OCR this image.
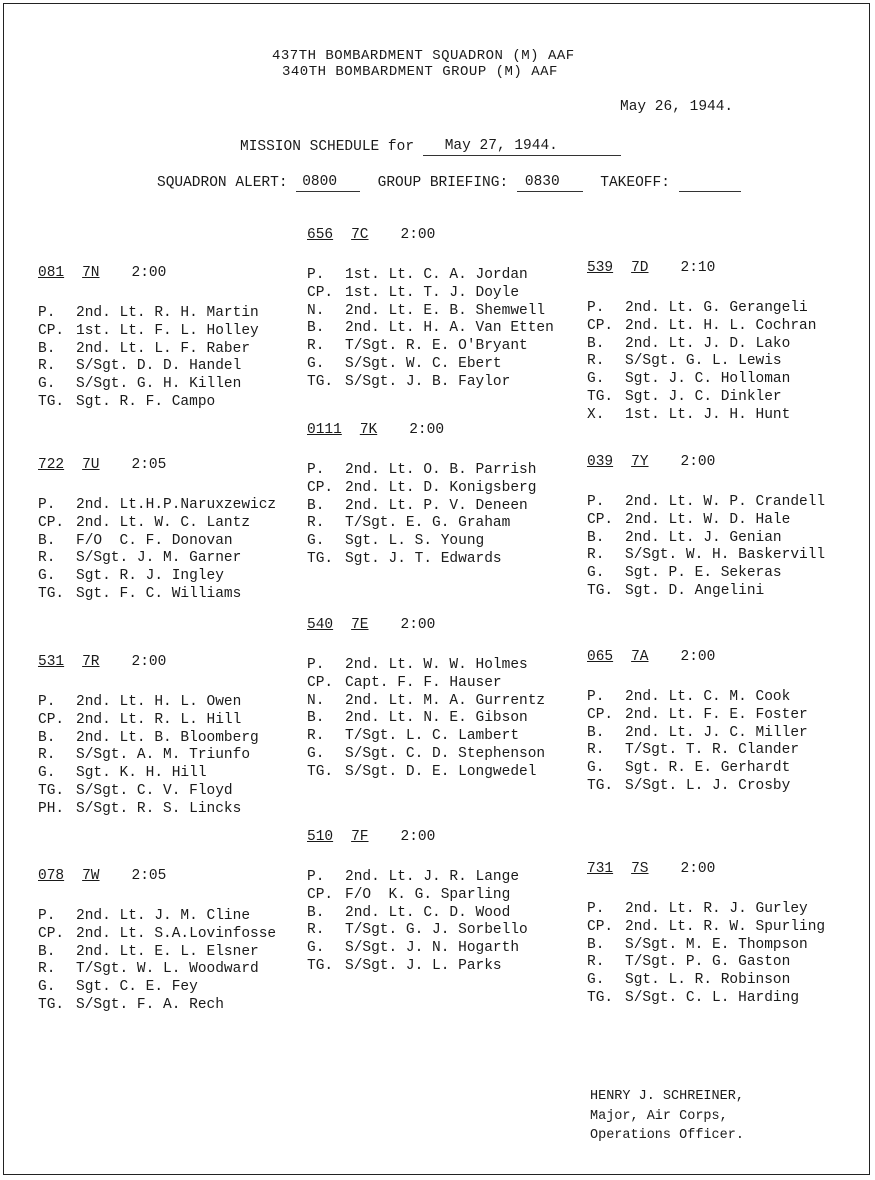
437TH BOMBARDMENT SQUADRON (M) AAF
340TH BOMBARDMENT GROUP (M) AAF
May 26, 1944.
MISSION SCHEDULE for May 27, 1944.
SQUADRON ALERT: 0800	GROUP BRIEFING: 0830	TAKEOFF:
081 7N 2:00
P. 2nd. Lt. R. H. Martin
CP. 1st. Lt. F. L. Holley
B. 2nd. Lt. L. F. Raber
R. S/Sgt. D. D. Handel
G. S/Sgt. G. H. Killen
TG. Sgt. R. F. Campo
656 7C 2:00
P. 1st. Lt. C. A. Jordan
CP. 1st. Lt. T. J. Doyle
N. 2nd. Lt. E. B. Shemwell
B. 2nd. Lt. H. A. Van Etten
R. T/Sgt. R. E. O'Bryant
G. S/Sgt. W. C. Ebert
TG. S/Sgt. J. B. Faylor
539 7D 2:10
P. 2nd. Lt. G. Gerangeli
CP. 2nd. Lt. H. L. Cochran
B. 2nd. Lt. J. D. Lako
R. S/Sgt. G. L. Lewis
G. Sgt. J. C. Holloman
TG. Sgt. J. C. Dinkler
X. 1st. Lt. J. H. Hunt
0111 7K 2:00
P. 2nd. Lt. O. B. Parrish
CP. 2nd. Lt. D. Konigsberg
B. 2nd. Lt. P. V. Deneen
R. T/Sgt. E. G. Graham
G. Sgt. L. S. Young
TG. Sgt. J. T. Edwards
722 7U 2:05
P. 2nd. Lt.H.P.Naruxzewicz
CP. 2nd. Lt. W. C. Lantz
B. F/O  C. F. Donovan
R. S/Sgt. J. M. Garner
G. Sgt. R. J. Ingley
TG. Sgt. F. C. Williams
039 7Y 2:00
P. 2nd. Lt. W. P. Crandell
CP. 2nd. Lt. W. D. Hale
B. 2nd. Lt. J. Genian
R. S/Sgt. W. H. Baskervill
G. Sgt. P. E. Sekeras
TG. Sgt. D. Angelini
540 7E 2:00
P. 2nd. Lt. W. W. Holmes
CP. Capt. F. F. Hauser
N. 2nd. Lt. M. A. Gurrentz
B. 2nd. Lt. N. E. Gibson
R. T/Sgt. L. C. Lambert
G. S/Sgt. C. D. Stephenson
TG. S/Sgt. D. E. Longwedel
531 7R 2:00
P. 2nd. Lt. H. L. Owen
CP. 2nd. Lt. R. L. Hill
B. 2nd. Lt. B. Bloomberg
R. S/Sgt. A. M. Triunfo
G. Sgt. K. H. Hill
TG. S/Sgt. C. V. Floyd
PH. S/Sgt. R. S. Lincks
065 7A 2:00
P. 2nd. Lt. C. M. Cook
CP. 2nd. Lt. F. E. Foster
B. 2nd. Lt. J. C. Miller
R. T/Sgt. T. R. Clander
G. Sgt. R. E. Gerhardt
TG. S/Sgt. L. J. Crosby
510 7F 2:00
P. 2nd. Lt. J. R. Lange
CP. F/O  K. G. Sparling
B. 2nd. Lt. C. D. Wood
R. T/Sgt. G. J. Sorbello
G. S/Sgt. J. N. Hogarth
TG. S/Sgt. J. L. Parks
078 7W 2:05
P. 2nd. Lt. J. M. Cline
CP. 2nd. Lt. S.A.Lovinfosse
B. 2nd. Lt. E. L. Elsner
R. T/Sgt. W. L. Woodward
G. Sgt. C. E. Fey
TG. S/Sgt. F. A. Rech
731 7S 2:00
P. 2nd. Lt. R. J. Gurley
CP. 2nd. Lt. R. W. Spurling
B. S/Sgt. M. E. Thompson
R. T/Sgt. P. G. Gaston
G. Sgt. L. R. Robinson
TG. S/Sgt. C. L. Harding
HENRY J. SCHREINER,
Major, Air Corps,
Operations Officer.
